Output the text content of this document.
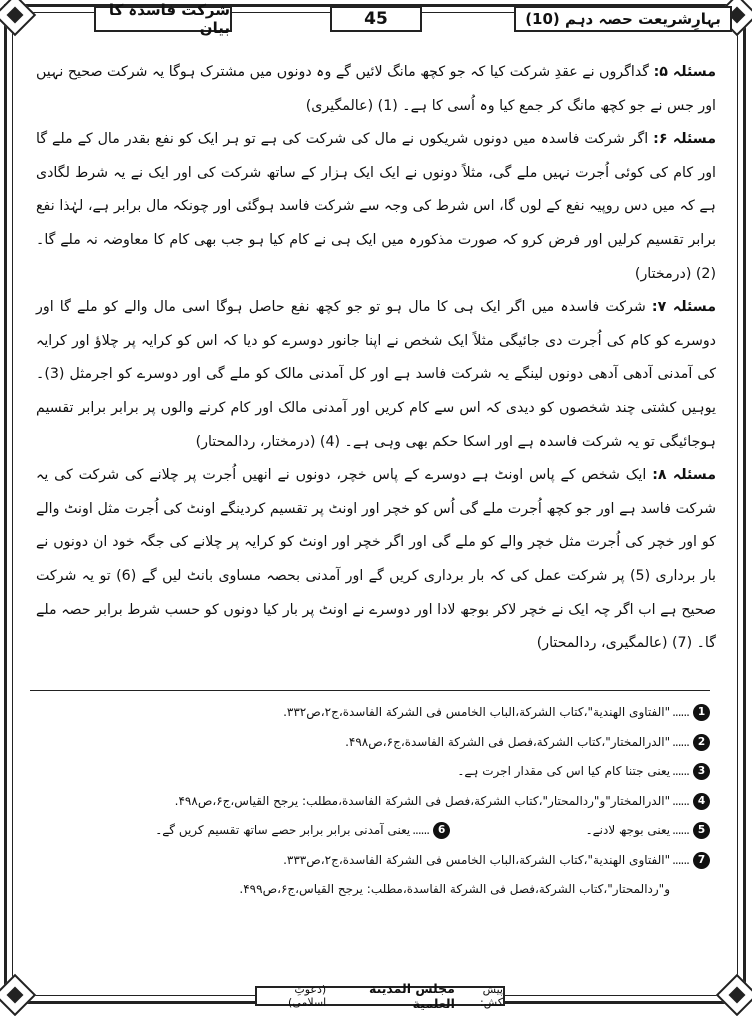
بہارِشریعت حصہ دہم (10)
45
شرکت فاسدہ کا بیان

مسئلہ ۵: گداگروں نے عقدِ شرکت کیا کہ جو کچھ مانگ لائیں گے وہ دونوں میں مشترک ہوگا یہ شرکت صحیح نہیں اور جس نے جو کچھ مانگ کر جمع کیا وہ اُسی کا ہے۔ (1) (عالمگیری)

مسئلہ ۶: اگر شرکت فاسدہ میں دونوں شریکوں نے مال کی شرکت کی ہے تو ہر ایک کو نفع بقدر مال کے ملے گا اور کام کی کوئی اُجرت نہیں ملے گی، مثلاً دونوں نے ایک ایک ہزار کے ساتھ شرکت کی اور ایک نے یہ شرط لگادی ہے کہ میں دس روپیہ نفع کے لوں گا، اس شرط کی وجہ سے شرکت فاسد ہوگئی اور چونکہ مال برابر ہے، لہٰذا نفع برابر تقسیم کرلیں اور فرض کرو کہ صورت مذکورہ میں ایک ہی نے کام کیا ہو جب بھی کام کا معاوضہ نہ ملے گا۔ (2) (درمختار)

مسئلہ ۷: شرکت فاسدہ میں اگر ایک ہی کا مال ہو تو جو کچھ نفع حاصل ہوگا اسی مال والے کو ملے گا اور دوسرے کو کام کی اُجرت دی جائیگی مثلاً ایک شخص نے اپنا جانور دوسرے کو دیا کہ اس کو کرایہ پر چلاؤ اور کرایہ کی آمدنی آدھی آدھی دونوں لینگے یہ شرکت فاسد ہے اور کل آمدنی مالک کو ملے گی اور دوسرے کو اجرمثل (3)۔ یوہیں کشتی چند شخصوں کو دیدی کہ اس سے کام کریں اور آمدنی مالک اور کام کرنے والوں پر برابر برابر تقسیم ہوجائیگی تو یہ شرکت فاسدہ ہے اور اسکا حکم بھی وہی ہے۔ (4) (درمختار، ردالمحتار)

مسئلہ ۸: ایک شخص کے پاس اونٹ ہے دوسرے کے پاس خچر، دونوں نے انھیں اُجرت پر چلانے کی شرکت کی یہ شرکت فاسد ہے اور جو کچھ اُجرت ملے گی اُس کو خچر اور اونٹ پر تقسیم کردینگے اونٹ کی اُجرت مثل اونٹ والے کو اور خچر کی اُجرت مثل خچر والے کو ملے گی اور اگر خچر اور اونٹ کو کرایہ پر چلانے کی جگہ خود ان دونوں نے بار برداری (5) پر شرکت عمل کی کہ بار برداری کریں گے اور آمدنی بحصہ مساوی بانٹ لیں گے (6) تو یہ شرکت صحیح ہے اب اگر چہ ایک نے خچر لاکر بوجھ لادا اور دوسرے نے اونٹ پر بار کیا دونوں کو حسب شرط برابر حصہ ملے گا۔ (7) (عالمگیری، ردالمحتار)

1
......
"الفتاوی الهندیة"،کتاب الشرکة،الباب الخامس فی الشرکة الفاسدة،ج۲،ص۳۳۲.
2
......
"الدرالمختار"،کتاب الشرکة،فصل فی الشرکة الفاسدة،ج۶،ص۴۹۸.
3
......
یعنی جتنا کام کیا اس کی مقدار اجرت ہے۔
4
......
"الدرالمختار"و"ردالمحتار"،کتاب الشرکة،فصل فی الشرکة الفاسدة،مطلب: یرجح القیاس،ج۶،ص۴۹۸.
5
......
یعنی بوجھ لادنے۔
6
......
یعنی آمدنی برابر برابر حصے ساتھ تقسیم کریں گے۔
7
......
"الفتاوی الهندیة"،کتاب الشرکة،الباب الخامس فی الشرکة الفاسدة،ج۲،ص۳۳۳.
و"ردالمحتار"،کتاب الشرکة،فصل فی الشرکة الفاسدة،مطلب: یرجح القیاس،ج۶،ص۴۹۹.
پیش کش:
مجلس المدینة العلمیة
(دعوتِ اسلامی)
